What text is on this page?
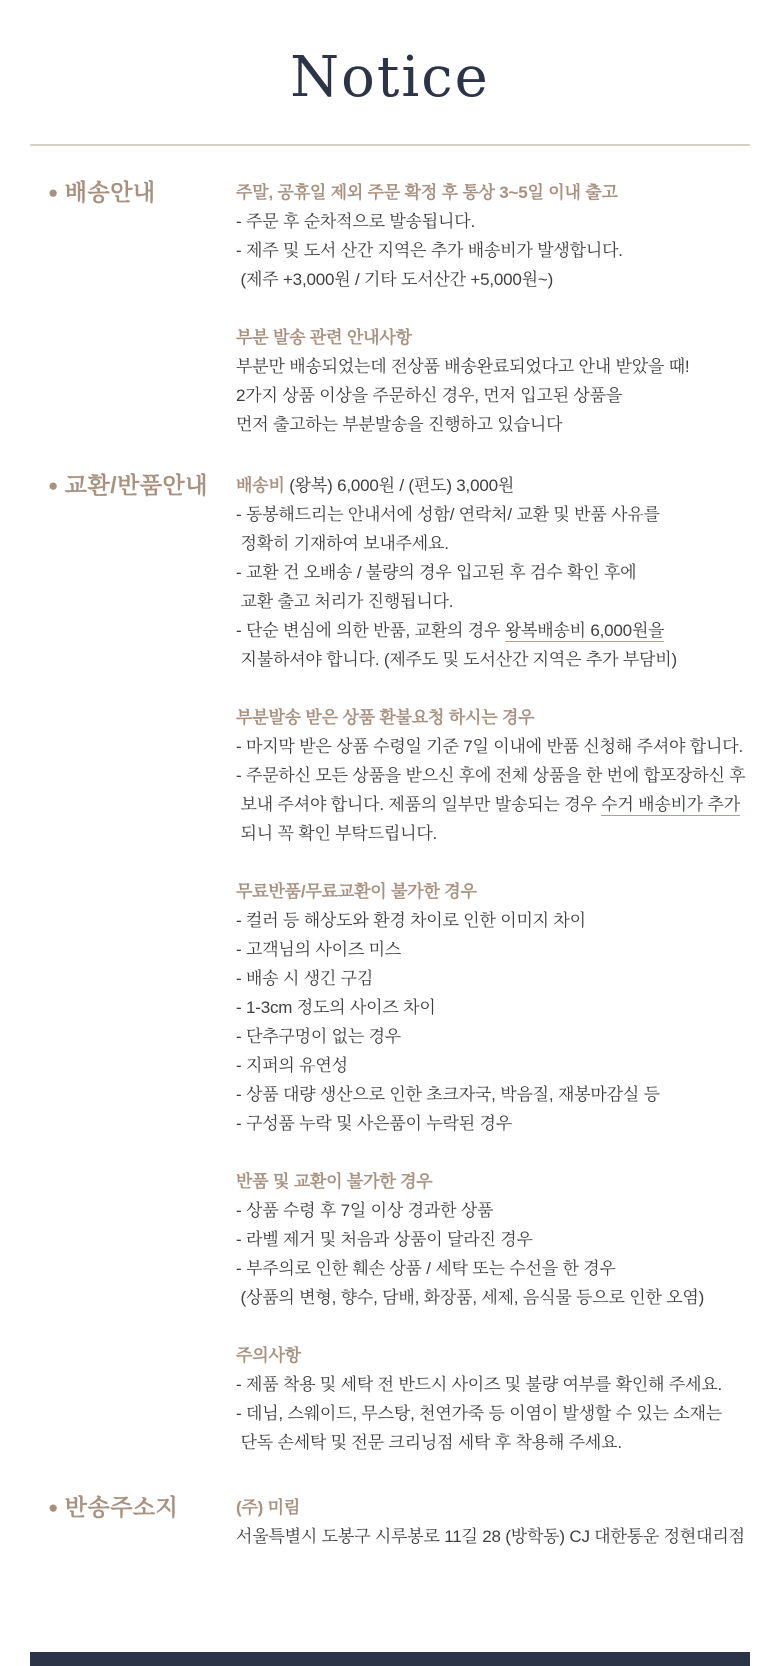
Notice
● 배송안내	주말, 공휴일 제외 주문 확정 후 통상 3~5일 이내 출고
- 주문 후 순차적으로 발송됩니다.
- 제주 및 도서 산간 지역은 추가 배송비가 발생합니다.
(제주 +3,000원 / 기타 도서산간 +5,000원~)
부분 발송 관련 안내사항
부분만 배송되었는데 전상품 배송완료되었다고 안내 받았을 때!
2가지 상품 이상을 주문하신 경우, 먼저 입고된 상품을
먼저 출고하는 부분발송을 진행하고 있습니다
● 교환/반품안내	배송비 (왕복) 6,000원 / (편도) 3,000원
- 동봉해드리는 안내서에 성함/ 연락처/ 교환 및 반품 사유를
정확히 기재하여 보내주세요.
- 교환 건 오배송 / 불량의 경우 입고된 후 검수 확인 후에
교환 출고 처리가 진행됩니다.
- 단순 변심에 의한 반품, 교환의 경우 왕복배송비 6,000원을
지불하셔야 합니다. (제주도 및 도서산간 지역은 추가 부담비)
부분발송 받은 상품 환불요청 하시는 경우
- 마지막 받은 상품 수령일 기준 7일 이내에 반품 신청해 주셔야 합니다.
- 주문하신 모든 상품을 받으신 후에 전체 상품을 한 번에 합포장하신 후
보내 주셔야 합니다. 제품의 일부만 발송되는 경우 수거 배송비가 추가
되니 꼭 확인 부탁드립니다.
무료반품/무료교환이 불가한 경우
- 컬러 등 해상도와 환경 차이로 인한 이미지 차이
- 고객님의 사이즈 미스
- 배송 시 생긴 구김
- 1-3cm 정도의 사이즈 차이
- 단추구멍이 없는 경우
- 지퍼의 유연성
- 상품 대량 생산으로 인한 초크자국, 박음질, 재봉마감실 등
- 구성품 누락 및 사은품이 누락된 경우
반품 및 교환이 불가한 경우
- 상품 수령 후 7일 이상 경과한 상품
- 라벨 제거 및 처음과 상품이 달라진 경우
- 부주의로 인한 훼손 상품 / 세탁 또는 수선을 한 경우
(상품의 변형, 향수, 담배, 화장품, 세제, 음식물 등으로 인한 오염)
주의사항
- 제품 착용 및 세탁 전 반드시 사이즈 및 불량 여부를 확인해 주세요.
- 데님, 스웨이드, 무스탕, 천연가죽 등 이염이 발생할 수 있는 소재는
단독 손세탁 및 전문 크리닝점 세탁 후 착용해 주세요.
● 반송주소지	(주) 미림
서울특별시 도봉구 시루봉로 11길 28 (방학동) CJ 대한통운 정현대리점
